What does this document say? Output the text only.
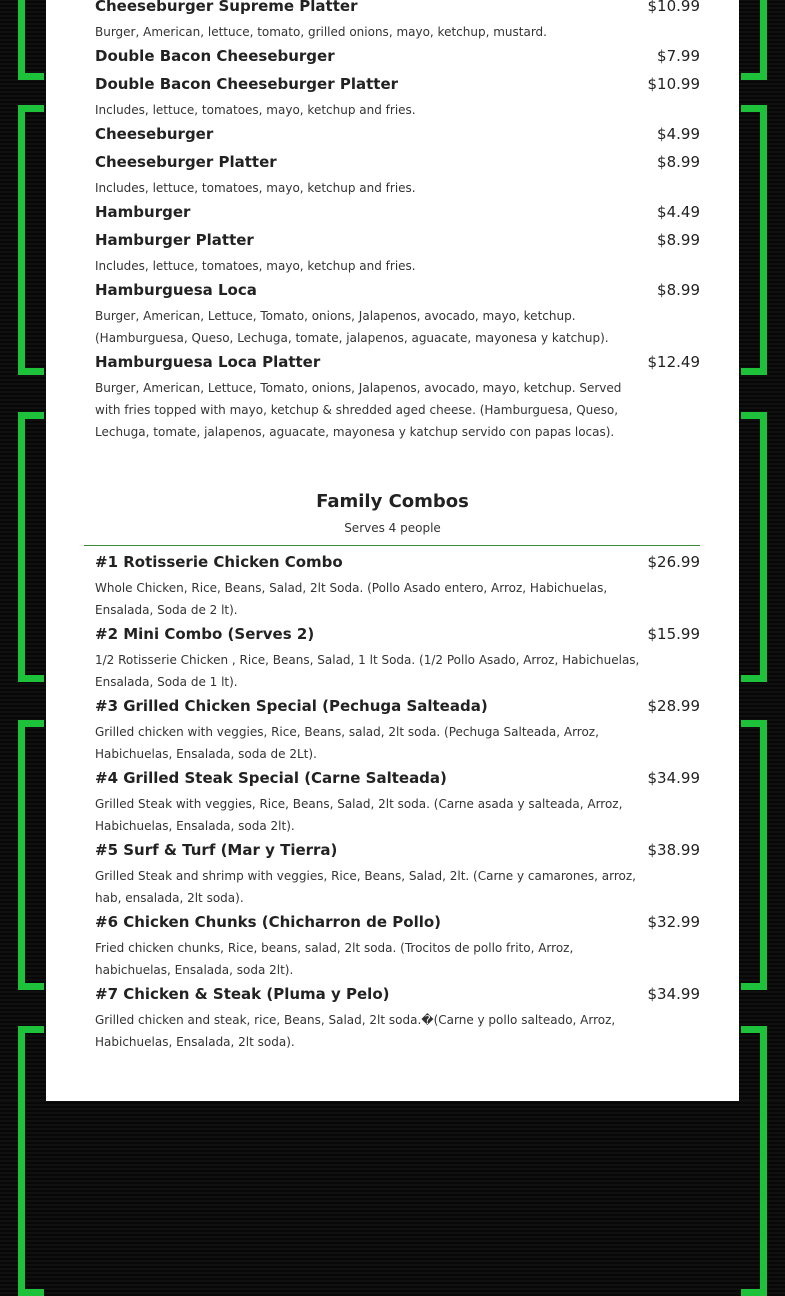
Cheeseburger Supreme Platter	$10.99
Burger, American, lettuce, tomato, grilled onions, mayo, ketchup, mustard.
Double Bacon Cheeseburger	$7.99
Double Bacon Cheeseburger Platter	$10.99
Includes, lettuce, tomatoes, mayo, ketchup and fries.
Cheeseburger	$4.99
Cheeseburger Platter	$8.99
Includes, lettuce, tomatoes, mayo, ketchup and fries.
Hamburger	$4.49
Hamburger Platter	$8.99
Includes, lettuce, tomatoes, mayo, ketchup and fries.
Hamburguesa Loca	$8.99
Burger, American, Lettuce, Tomato, onions, Jalapenos, avocado, mayo, ketchup. (Hamburguesa, Queso, Lechuga, tomate, jalapenos, aguacate, mayonesa y katchup).
Hamburguesa Loca Platter	$12.49
Burger, American, Lettuce, Tomato, onions, Jalapenos, avocado, mayo, ketchup. Served with fries topped with mayo, ketchup & shredded aged cheese. (Hamburguesa, Queso, Lechuga, tomate, jalapenos, aguacate, mayonesa y katchup servido con papas locas).
Family Combos
Serves 4 people
#1 Rotisserie Chicken Combo	$26.99
Whole Chicken, Rice, Beans, Salad, 2lt Soda. (Pollo Asado entero, Arroz, Habichuelas, Ensalada, Soda de 2 lt).
#2 Mini Combo (Serves 2)	$15.99
1/2 Rotisserie Chicken , Rice, Beans, Salad, 1 lt Soda. (1/2 Pollo Asado, Arroz, Habichuelas, Ensalada, Soda de 1 lt).
#3 Grilled Chicken Special (Pechuga Salteada)	$28.99
Grilled chicken with veggies, Rice, Beans, salad, 2lt soda. (Pechuga Salteada, Arroz, Habichuelas, Ensalada, soda de 2Lt).
#4 Grilled Steak Special (Carne Salteada)	$34.99
Grilled Steak with veggies, Rice, Beans, Salad, 2lt soda. (Carne asada y salteada, Arroz, Habichuelas, Ensalada, soda 2lt).
#5 Surf & Turf (Mar y Tierra)	$38.99
Grilled Steak and shrimp with veggies, Rice, Beans, Salad, 2lt. (Carne y camarones, arroz, hab, ensalada, 2lt soda).
#6 Chicken Chunks (Chicharron de Pollo)	$32.99
Fried chicken chunks, Rice, beans, salad, 2lt soda. (Trocitos de pollo frito, Arroz, habichuelas, Ensalada, soda 2lt).
#7 Chicken & Steak (Pluma y Pelo)	$34.99
Grilled chicken and steak, rice, Beans, Salad, 2lt soda.�(Carne y pollo salteado, Arroz, Habichuelas, Ensalada, 2lt soda).
